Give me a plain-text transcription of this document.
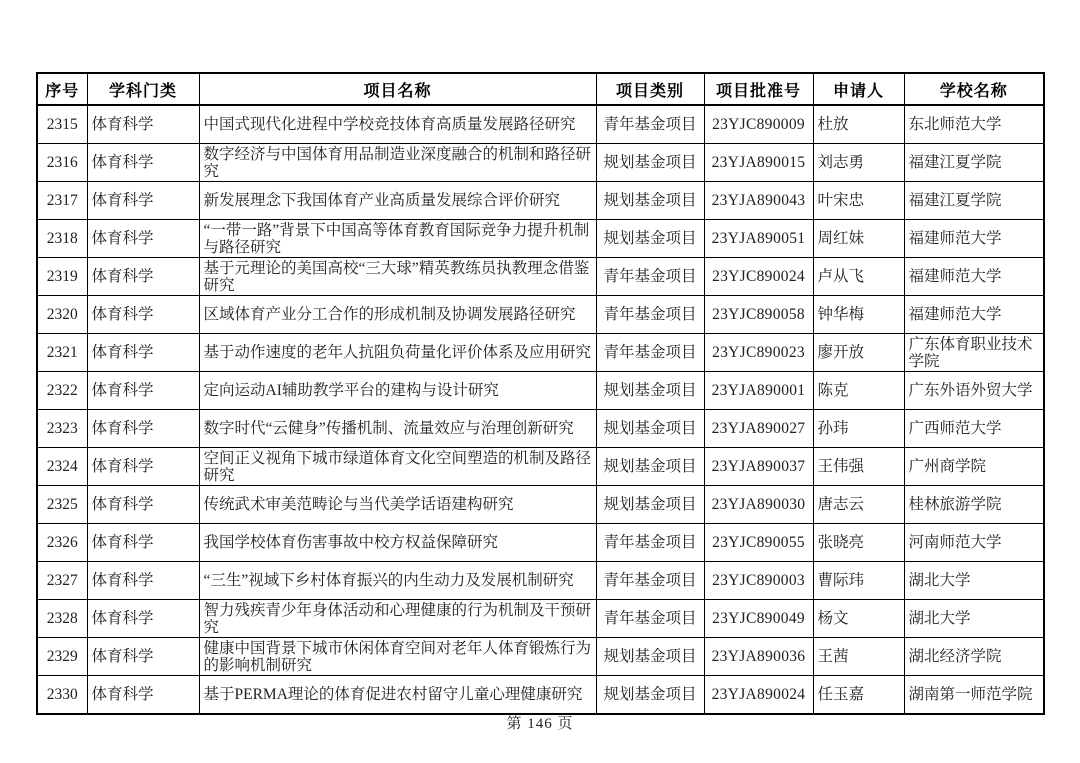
序号	学科门类	项目名称	项目类别	项目批准号	申请人	学校名称
2315	体育科学	中国式现代化进程中学校竞技体育高质量发展路径研究	青年基金项目	23YJC890009	杜放	东北师范大学
2316	体育科学	数字经济与中国体育用品制造业深度融合的机制和路径研究	规划基金项目	23YJA890015	刘志勇	福建江夏学院
2317	体育科学	新发展理念下我国体育产业高质量发展综合评价研究	规划基金项目	23YJA890043	叶宋忠	福建江夏学院
2318	体育科学	“一带一路”背景下中国高等体育教育国际竞争力提升机制与路径研究	规划基金项目	23YJA890051	周红妹	福建师范大学
2319	体育科学	基于元理论的美国高校“三大球”精英教练员执教理念借鉴研究	青年基金项目	23YJC890024	卢从飞	福建师范大学
2320	体育科学	区域体育产业分工合作的形成机制及协调发展路径研究	青年基金项目	23YJC890058	钟华梅	福建师范大学
2321	体育科学	基于动作速度的老年人抗阻负荷量化评价体系及应用研究	青年基金项目	23YJC890023	廖开放	广东体育职业技术学院
2322	体育科学	定向运动AI辅助教学平台的建构与设计研究	规划基金项目	23YJA890001	陈克	广东外语外贸大学
2323	体育科学	数字时代“云健身”传播机制、流量效应与治理创新研究	规划基金项目	23YJA890027	孙玮	广西师范大学
2324	体育科学	空间正义视角下城市绿道体育文化空间塑造的机制及路径研究	规划基金项目	23YJA890037	王伟强	广州商学院
2325	体育科学	传统武术审美范畴论与当代美学话语建构研究	规划基金项目	23YJA890030	唐志云	桂林旅游学院
2326	体育科学	我国学校体育伤害事故中校方权益保障研究	青年基金项目	23YJC890055	张晓亮	河南师范大学
2327	体育科学	“三生”视域下乡村体育振兴的内生动力及发展机制研究	青年基金项目	23YJC890003	曹际玮	湖北大学
2328	体育科学	智力残疾青少年身体活动和心理健康的行为机制及干预研究	青年基金项目	23YJC890049	杨文	湖北大学
2329	体育科学	健康中国背景下城市休闲体育空间对老年人体育锻炼行为的影响机制研究	规划基金项目	23YJA890036	王茜	湖北经济学院
2330	体育科学	基于PERMA理论的体育促进农村留守儿童心理健康研究	规划基金项目	23YJA890024	任玉嘉	湖南第一师范学院
第 146 页
